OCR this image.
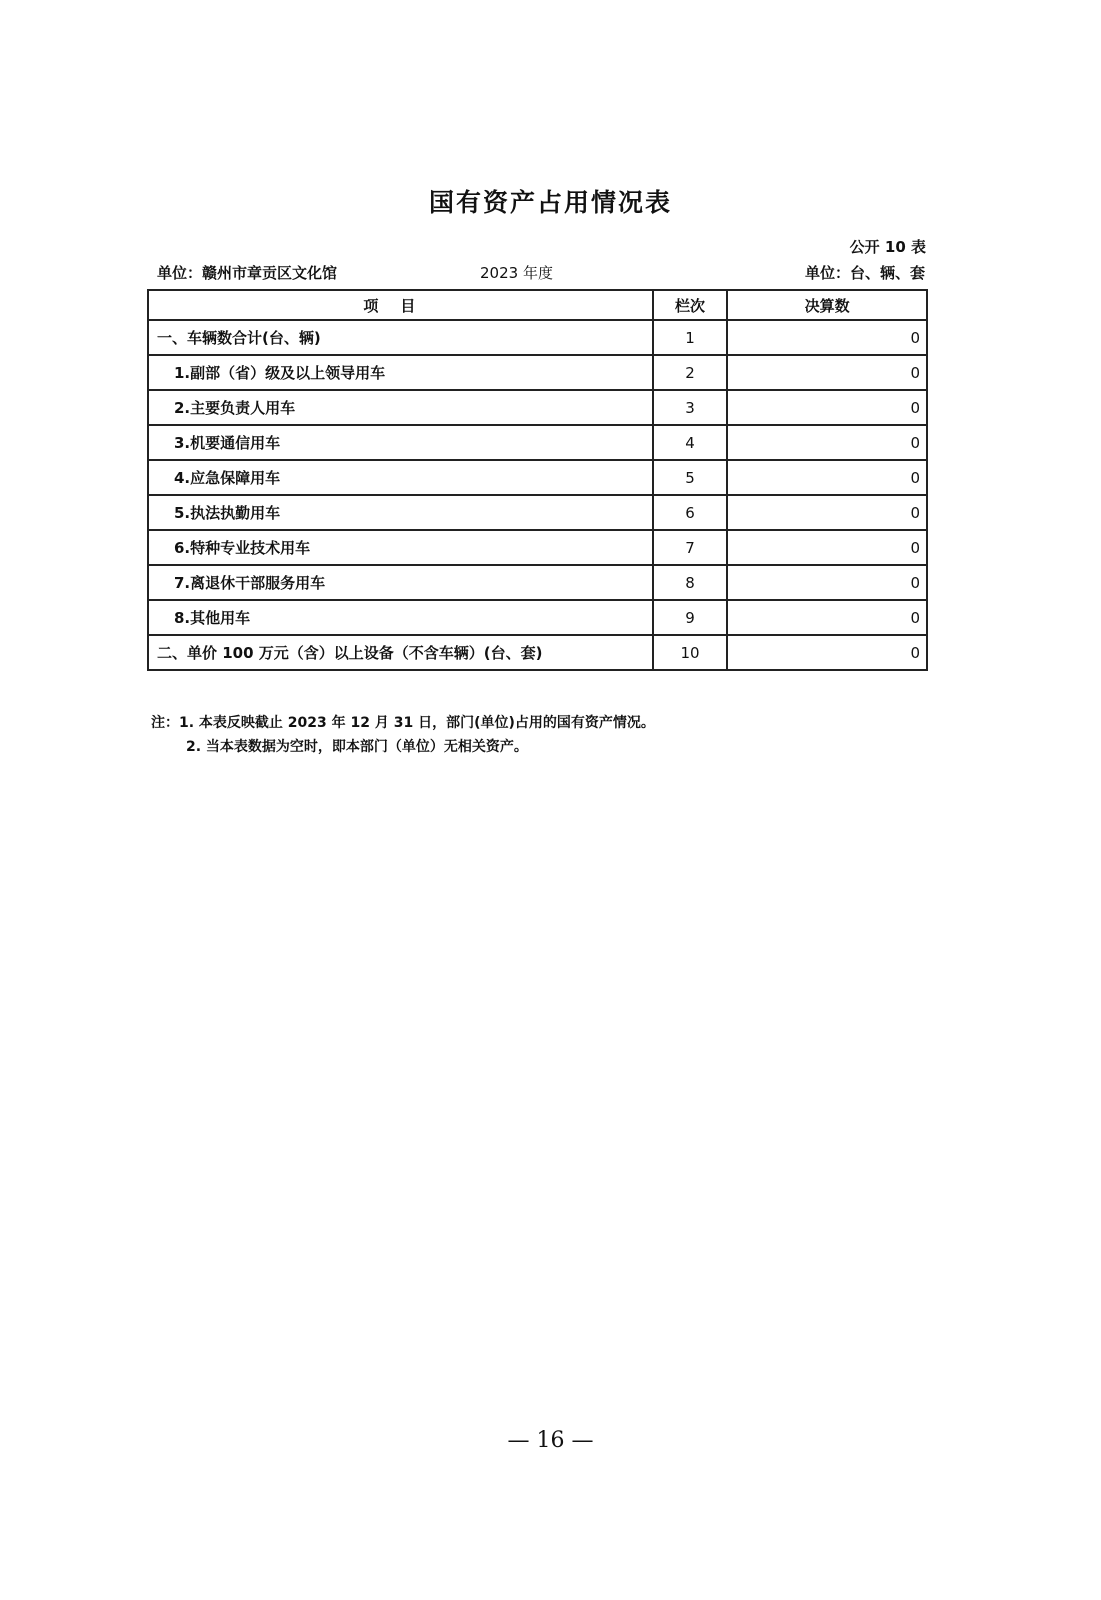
国有资产占用情况表
公开 10 表
单位：赣州市章贡区文化馆	2023 年度	单位：台、辆、套
项目	栏次	决算数
一、车辆数合计(台、辆)	1	0
1.副部（省）级及以上领导用车	2	0
2.主要负责人用车	3	0
3.机要通信用车	4	0
4.应急保障用车	5	0
5.执法执勤用车	6	0
6.特种专业技术用车	7	0
7.离退休干部服务用车	8	0
8.其他用车	9	0
二、单价 100 万元（含）以上设备（不含车辆）(台、套)	10	0
注：1. 本表反映截止 2023 年 12 月 31 日，部门(单位)占用的国有资产情况。
2. 当本表数据为空时，即本部门（单位）无相关资产。
— 16 —
